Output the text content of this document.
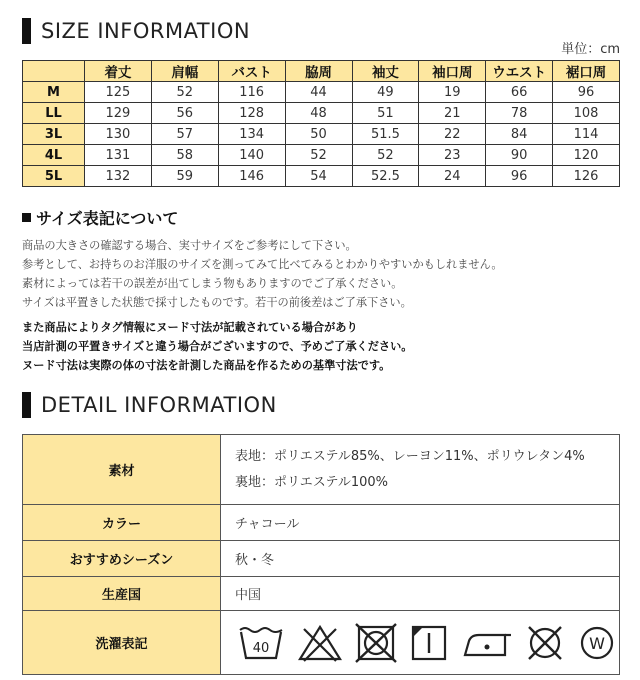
SIZE INFORMATION
単位：cm
	着丈	肩幅	バスト	脇周	袖丈	袖口周	ウエスト	裾口周
M	125	52	116	44	49	19	66	96
LL	129	56	128	48	51	21	78	108
3L	130	57	134	50	51.5	22	84	114
4L	131	58	140	52	52	23	90	120
5L	132	59	146	54	52.5	24	96	126
サイズ表記について
商品の大きさの確認する場合、実寸サイズをご参考にして下さい。
参考として、お持ちのお洋服のサイズを測ってみて比べてみるとわかりやすいかもしれません。
素材によっては若干の誤差が出てしまう物もありますのでご了承ください。
サイズは平置きした状態で採寸したものです。若干の前後差はご了承下さい。
また商品によりタグ情報にヌード寸法が記載されている場合があり
当店計測の平置きサイズと違う場合がございますので、予めご了承ください。
ヌード寸法は実際の体の寸法を計測した商品を作るための基準寸法です。
DETAIL INFORMATION
素材	表地：ポリエステル85%、レーヨン11%、ポリウレタン4%
裏地：ポリエステル100%

カラー	チャコール
おすすめシーズン	秋・冬
生産国	中国
洗濯表記	40 W
